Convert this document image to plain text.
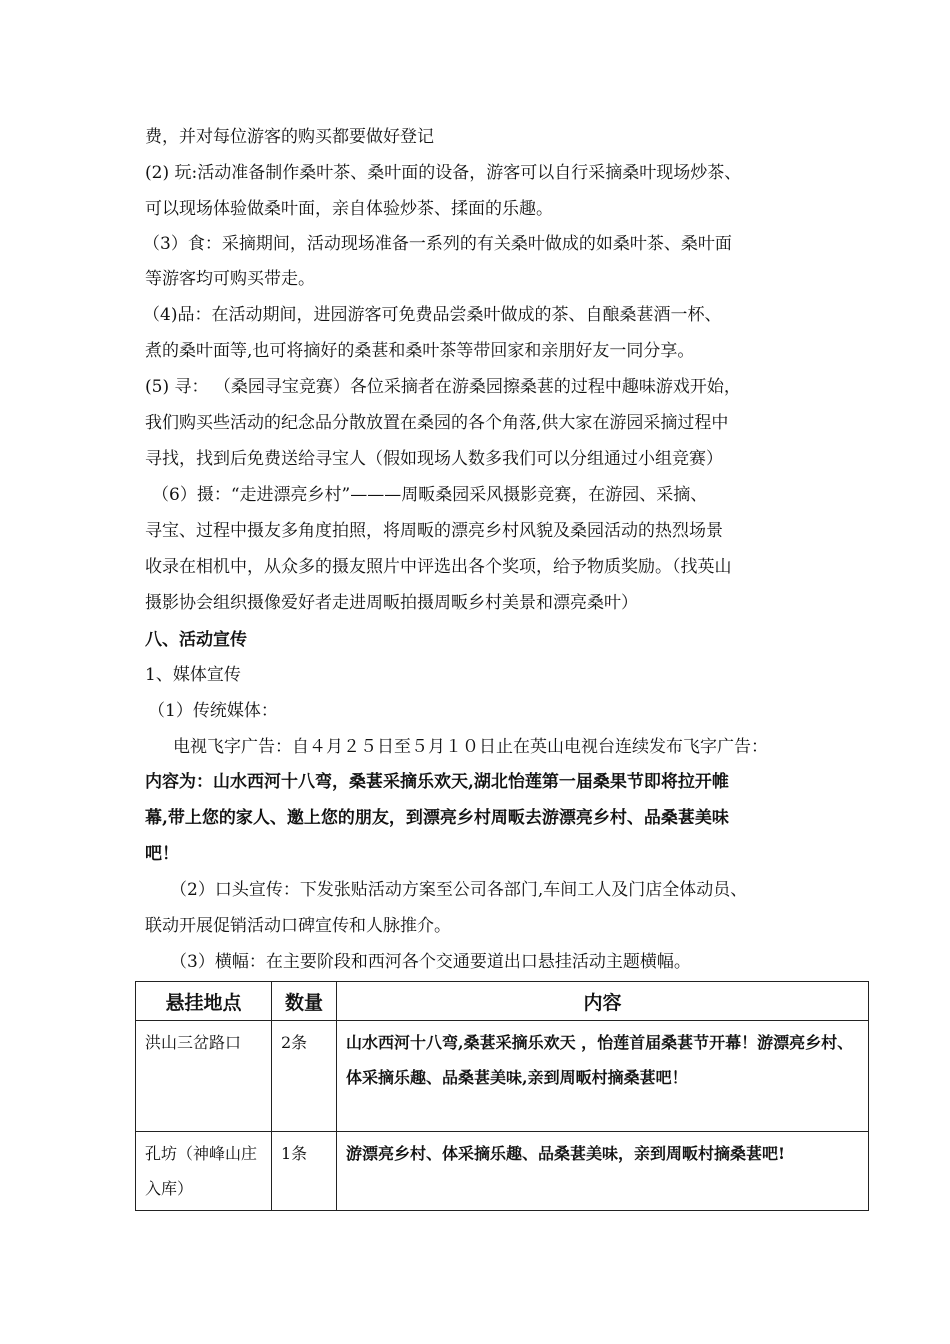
费，并对每位游客的购买都要做好登记
(2) 玩:活动准备制作桑叶茶、桑叶面的设备，游客可以自行采摘桑叶现场炒茶、
可以现场体验做桑叶面，亲自体验炒茶、揉面的乐趣。
（3）食：采摘期间，活动现场准备一系列的有关桑叶做成的如桑叶茶、桑叶面
等游客均可购买带走。
（4)品：在活动期间，进园游客可免费品尝桑叶做成的茶、自酿桑葚酒一杯、
煮的桑叶面等,也可将摘好的桑葚和桑叶茶等带回家和亲朋好友一同分享。
(5) 寻： （桑园寻宝竞赛）各位采摘者在游桑园擦桑葚的过程中趣味游戏开始，
我们购买些活动的纪念品分散放置在桑园的各个角落,供大家在游园采摘过程中
寻找，找到后免费送给寻宝人（假如现场人数多我们可以分组通过小组竞赛）
（6）摄：“走进漂亮乡村”———周畈桑园采风摄影竞赛，在游园、采摘、
寻宝、过程中摄友多角度拍照，将周畈的漂亮乡村风貌及桑园活动的热烈场景
收录在相机中，从众多的摄友照片中评选出各个奖项，给予物质奖励。（找英山
摄影协会组织摄像爱好者走进周畈拍摄周畈乡村美景和漂亮桑叶）
八、活动宣传
1、媒体宣传
（1）传统媒体：
电视飞字广告：自４月２５日至５月１０日止在英山电视台连续发布飞字广告：
内容为：山水西河十八弯，桑葚采摘乐欢天,湖北怡莲第一届桑果节即将拉开帷
幕,带上您的家人、邀上您的朋友，到漂亮乡村周畈去游漂亮乡村、品桑葚美味
吧！
（2）口头宣传：下发张贴活动方案至公司各部门,车间工人及门店全体动员、
联动开展促销活动口碑宣传和人脉推介。
（3）横幅：在主要阶段和西河各个交通要道出口悬挂活动主题横幅。
悬挂地点	数量	内容
洪山三岔路口	2条	山水西河十八弯,桑葚采摘乐欢天 ，怡莲首届桑葚节开幕！游漂亮乡村、体采摘乐趣、品桑葚美味,亲到周畈村摘桑葚吧！
孔坊（神峰山庄入库）	1条	游漂亮乡村、体采摘乐趣、品桑葚美味，亲到周畈村摘桑葚吧!
